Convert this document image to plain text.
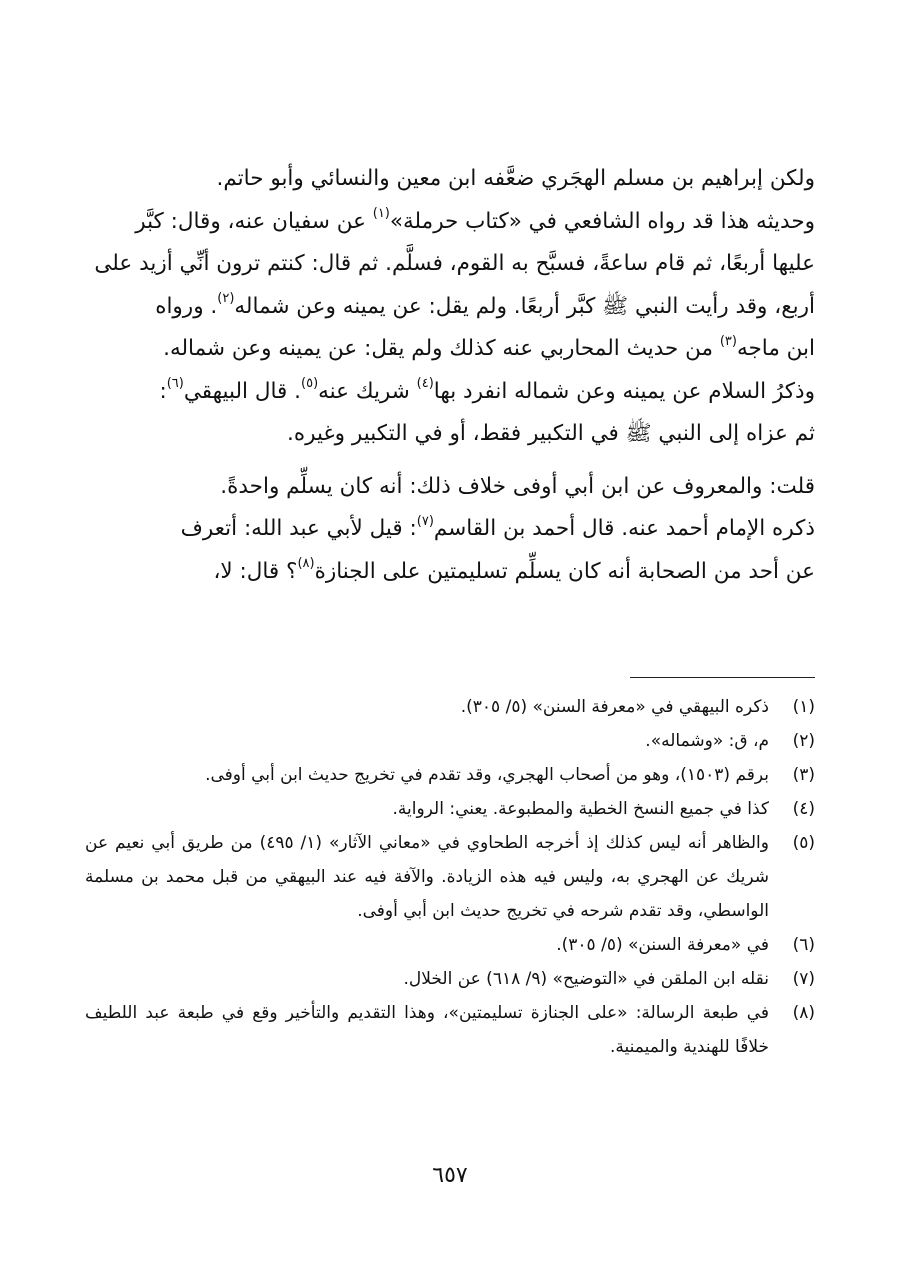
ولكن إبراهيم بن مسلم الهجَري ضعَّفه ابن معين والنسائي وأبو حاتم.

وحديثه هذا قد رواه الشافعي في «كتاب حرملة»$^{(١)}$ عن سفيان عنه، وقال: كبَّر

عليها أربعًا، ثم قام ساعةً، فسبَّح به القوم، فسلَّم. ثم قال: كنتم ترون أنِّي أزيد على

أربع، وقد رأيت النبي ﷺ كبَّر أربعًا. ولم يقل: عن يمينه وعن شماله$^{(٢)}$. ورواه

ابن ماجه$^{(٣)}$ من حديث المحاربي عنه كذلك ولم يقل: عن يمينه وعن شماله.

وذكرُ السلام عن يمينه وعن شماله انفرد بها$^{(٤)}$ شريك عنه$^{(٥)}$. قال البيهقي$^{(٦)}$:

ثم عزاه إلى النبي ﷺ في التكبير فقط، أو في التكبير وغيره.

قلت: والمعروف عن ابن أبي أوفى خلاف ذلك: أنه كان يسلِّم واحدةً.

ذكره الإمام أحمد عنه. قال أحمد بن القاسم$^{(٧)}$: قيل لأبي عبد الله: أتعرف

عن أحد من الصحابة أنه كان يسلِّم تسليمتين على الجنازة$^{(٨)}$؟ قال: لا،

(١)
ذكره البيهقي في «معرفة السنن» (٥/ ٣٠٥).
(٢)
م، ق: «وشماله».
(٣)
برقم (١٥٠٣)، وهو من أصحاب الهجري، وقد تقدم في تخريج حديث ابن أبي أوفى.
(٤)
كذا في جميع النسخ الخطية والمطبوعة. يعني: الرواية.
(٥)
والظاهر أنه ليس كذلك إذ أخرجه الطحاوي في «معاني الآثار» (١/ ٤٩٥) من طريق أبي نعيم عن شريك عن الهجري به، وليس فيه هذه الزيادة. والآفة فيه عند البيهقي من قبل محمد بن مسلمة الواسطي، وقد تقدم شرحه في تخريج حديث ابن أبي أوفى.
(٦)
في «معرفة السنن» (٥/ ٣٠٥).
(٧)
نقله ابن الملقن في «التوضيح» (٩/ ٦١٨) عن الخلال.
(٨)
في طبعة الرسالة: «على الجنازة تسليمتين»، وهذا التقديم والتأخير وقع في طبعة عبد اللطيف خلافًا للهندية والميمنية.
٦٥٧
